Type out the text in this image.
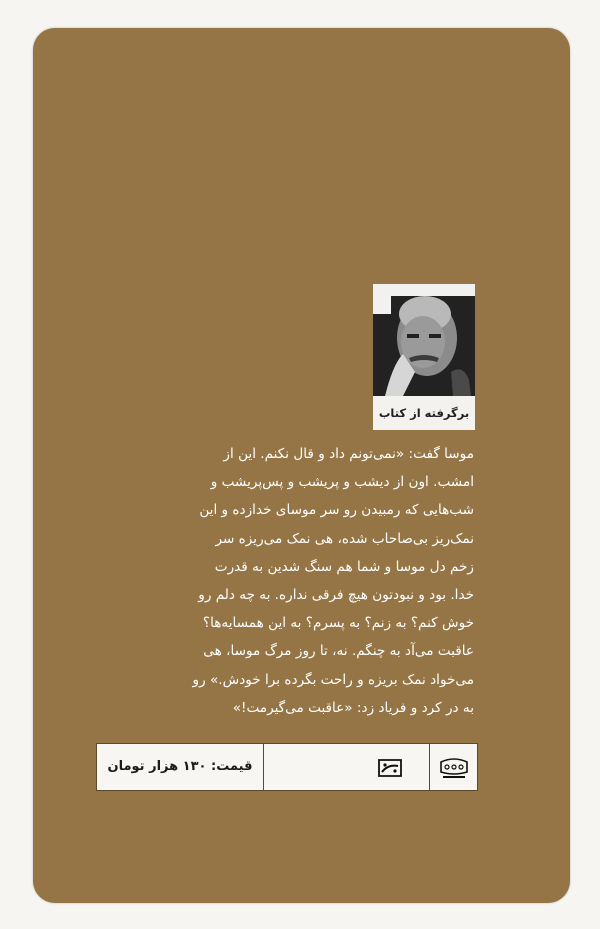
برگرفته از کتاب
موسا گفت: «نمی‌تونم داد و قال نکنم. این از
امشب. اون از دیشب و پریشب و پس‌پریشب و
شب‌هایی که رمبیدن رو سر موسای خدازده و این
نمک‌ریز بی‌صاحاب شده، هی نمک می‌ریزه سر
زخم دل موسا و شما هم سنگ شدین به قدرت
خدا. بود و نبودتون هیچ فرقی نداره. به چه دلم رو
خوش کنم؟ به زنم؟ به پسرم؟ به این همسایه‌ها؟
عاقبت می‌آد به چنگم. نه، تا روز مرگ موسا، هی
می‌خواد نمک بریزه و راحت بگرده برا خودش.» رو
به در کرد و فریاد زد: «عاقبت می‌گیرمت!»
قیمت: ۱۳۰ هزار تومان
